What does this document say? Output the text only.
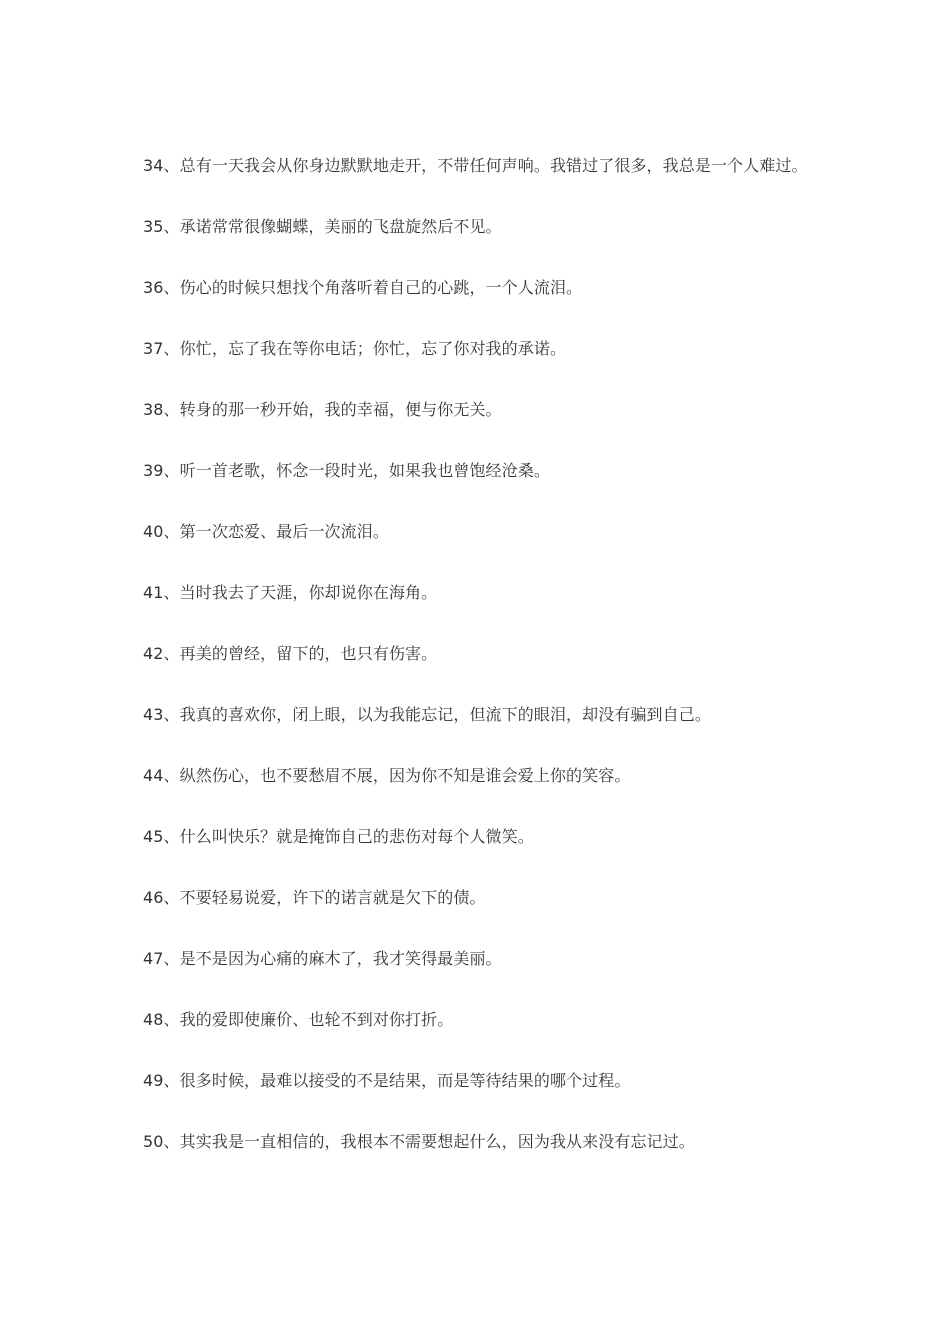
34、总有一天我会从你身边默默地走开，不带任何声响。我错过了很多，我总是一个人难过。

35、承诺常常很像蝴蝶，美丽的飞盘旋然后不见。

36、伤心的时候只想找个角落听着自己的心跳，一个人流泪。

37、你忙，忘了我在等你电话；你忙，忘了你对我的承诺。

38、转身的那一秒开始，我的幸福，便与你无关。

39、听一首老歌，怀念一段时光，如果我也曾饱经沧桑。

40、第一次恋爱、最后一次流泪。

41、当时我去了天涯，你却说你在海角。

42、再美的曾经，留下的，也只有伤害。

43、我真的喜欢你，闭上眼，以为我能忘记，但流下的眼泪，却没有骗到自己。

44、纵然伤心，也不要愁眉不展，因为你不知是谁会爱上你的笑容。

45、什么叫快乐？就是掩饰自己的悲伤对每个人微笑。

46、不要轻易说爱，许下的诺言就是欠下的债。

47、是不是因为心痛的麻木了，我才笑得最美丽。

48、我的爱即使廉价、也轮不到对你打折。

49、很多时候，最难以接受的不是结果，而是等待结果的哪个过程。

50、其实我是一直相信的，我根本不需要想起什么，因为我从来没有忘记过。
